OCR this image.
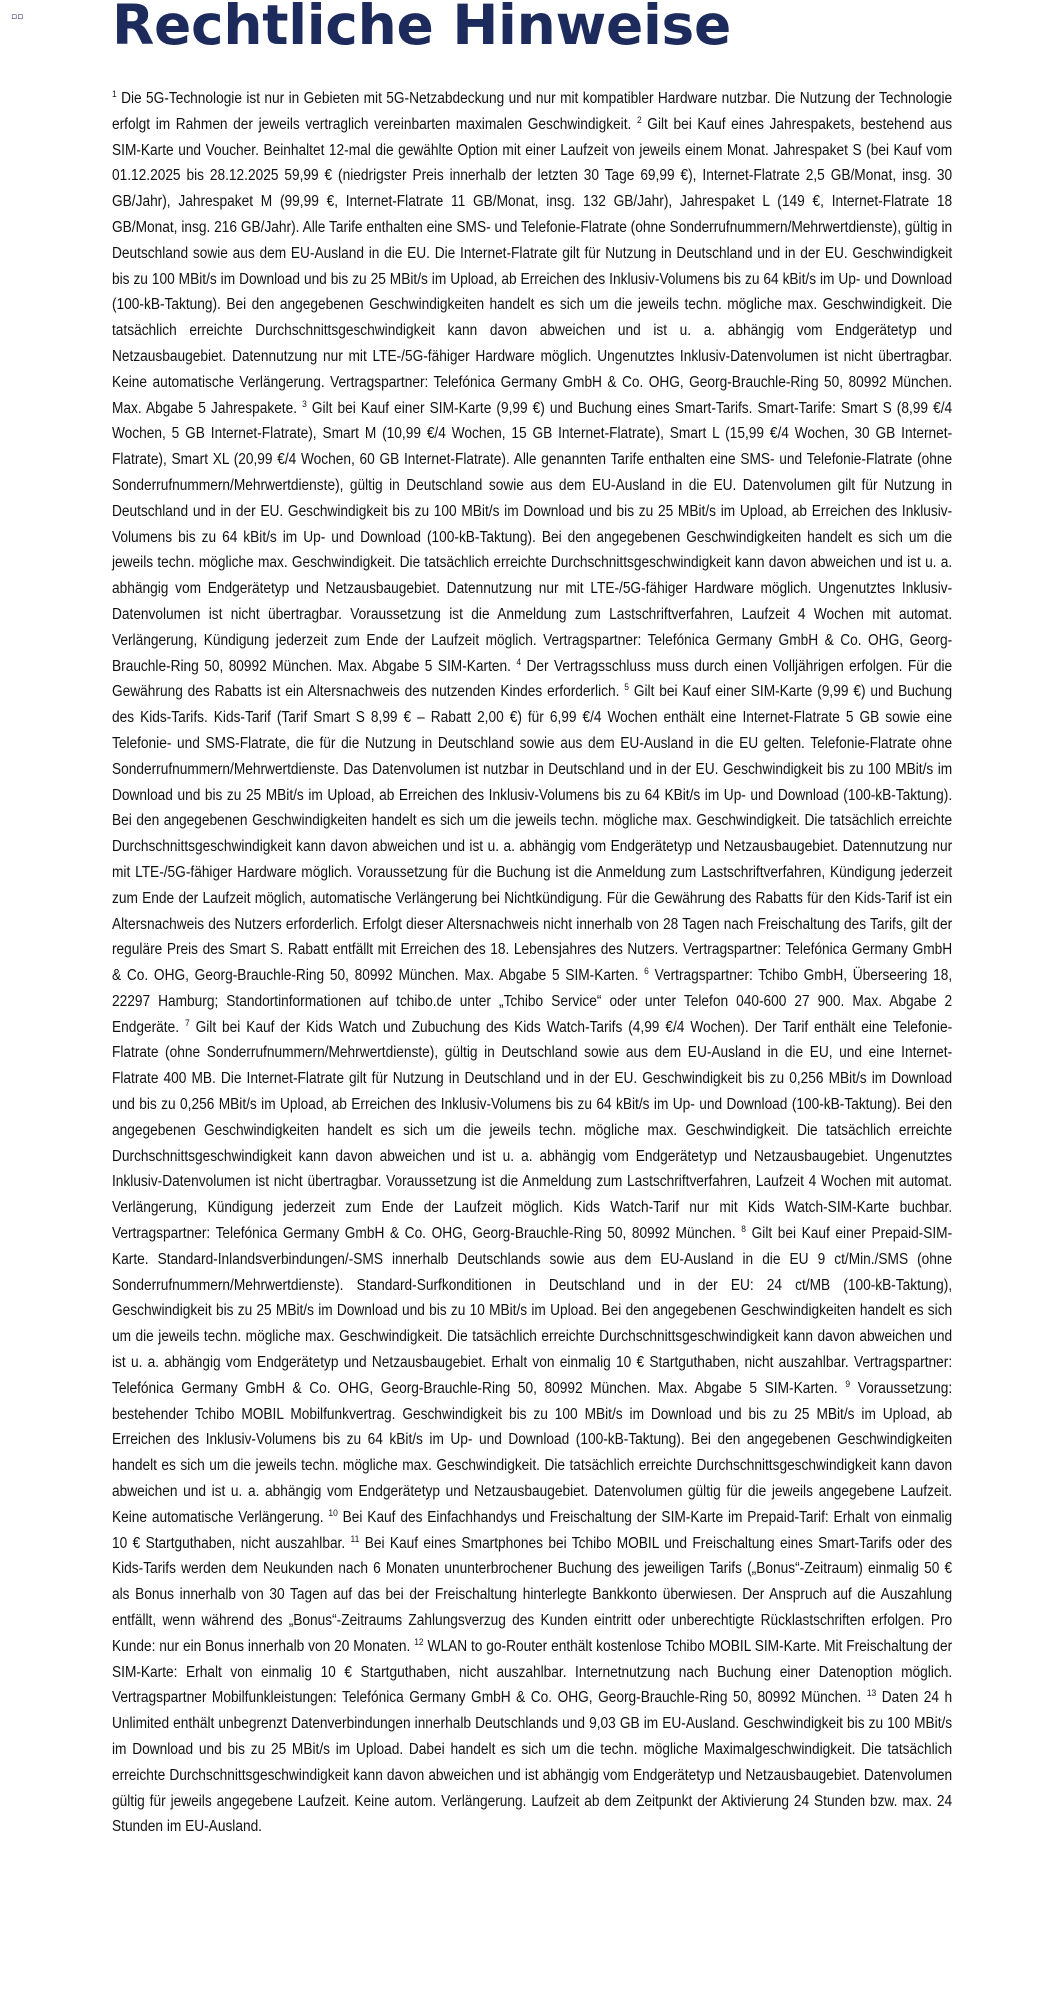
▫▫ Rechtliche Hinweise

$^1$ Die 5G-Technologie ist nur in Gebieten mit 5G-Netzabdeckung und nur mit kompatibler Hardware nutzbar. Die Nutzung der Technologie erfolgt im Rahmen der jeweils vertraglich vereinbarten maximalen Geschwindigkeit. $^2$ Gilt bei Kauf eines Jahrespakets, bestehend aus SIM-Karte und Voucher. Beinhaltet 12-mal die gewählte Option mit einer Laufzeit von jeweils einem Monat. Jahrespaket S (bei Kauf vom 01.12.2025 bis 28.12.2025 59,99 € (niedrigster Preis innerhalb der letzten 30 Tage 69,99 €), Internet-Flatrate 2,5 GB/Monat, insg. 30 GB/Jahr), Jahrespaket M (99,99 €, Internet-Flatrate 11 GB/Monat, insg. 132 GB/Jahr), Jahrespaket L (149 €, Internet-Flatrate 18 GB/Monat, insg. 216 GB/Jahr). Alle Tarife enthalten eine SMS- und Telefonie-Flatrate (ohne Sonderrufnummern/Mehrwertdienste), gültig in Deutschland sowie aus dem EU-Ausland in die EU. Die Internet-Flatrate gilt für Nutzung in Deutschland und in der EU. Geschwindigkeit bis zu 100 MBit/s im Download und bis zu 25 MBit/s im Upload, ab Erreichen des Inklusiv-Volumens bis zu 64 kBit/s im Up- und Download (100-kB-Taktung). Bei den angegebenen Geschwindigkeiten handelt es sich um die jeweils techn. mögliche max. Geschwindigkeit. Die tatsächlich erreichte Durchschnittsgeschwindigkeit kann davon abweichen und ist u. a. abhängig vom Endgerätetyp und Netzausbaugebiet. Datennutzung nur mit LTE-/5G-fähiger Hardware möglich. Ungenutztes Inklusiv-Datenvolumen ist nicht übertragbar. Keine automatische Verlängerung. Vertragspartner: Telefónica Germany GmbH & Co. OHG, Georg-Brauchle-Ring 50, 80992 München. Max. Abgabe 5 Jahrespakete. $^3$ Gilt bei Kauf einer SIM-Karte (9,99 €) und Buchung eines Smart-Tarifs. Smart-Tarife: Smart S (8,99 €/4 Wochen, 5 GB Internet-Flatrate), Smart M (10,99 €/4 Wochen, 15 GB Internet-Flatrate), Smart L (15,99 €/4 Wochen, 30 GB Internet-Flatrate), Smart XL (20,99 €/4 Wochen, 60 GB Internet-Flatrate). Alle genannten Tarife enthalten eine SMS- und Telefonie-Flatrate (ohne Sonderrufnummern/Mehrwertdienste), gültig in Deutschland sowie aus dem EU-Ausland in die EU. Datenvolumen gilt für Nutzung in Deutschland und in der EU. Geschwindigkeit bis zu 100 MBit/s im Download und bis zu 25 MBit/s im Upload, ab Erreichen des Inklusiv-Volumens bis zu 64 kBit/s im Up- und Download (100-kB-Taktung). Bei den angegebenen Geschwindigkeiten handelt es sich um die jeweils techn. mögliche max. Geschwindigkeit. Die tatsächlich erreichte Durchschnittsgeschwindigkeit kann davon abweichen und ist u. a. abhängig vom Endgerätetyp und Netzausbaugebiet. Datennutzung nur mit LTE-/5G-fähiger Hardware möglich. Ungenutztes Inklusiv-Datenvolumen ist nicht übertragbar. Voraussetzung ist die Anmeldung zum Lastschriftverfahren, Laufzeit 4 Wochen mit automat. Verlängerung, Kündigung jederzeit zum Ende der Laufzeit möglich. Vertragspartner: Telefónica Germany GmbH & Co. OHG, Georg-Brauchle-Ring 50, 80992 München. Max. Abgabe 5 SIM-Karten. $^4$ Der Vertragsschluss muss durch einen Volljährigen erfolgen. Für die Gewährung des Rabatts ist ein Altersnachweis des nutzenden Kindes erforderlich. $^5$ Gilt bei Kauf einer SIM-Karte (9,99 €) und Buchung des Kids-Tarifs. Kids-Tarif (Tarif Smart S 8,99 € – Rabatt 2,00 €) für 6,99 €/4 Wochen enthält eine Internet-Flatrate 5 GB sowie eine Telefonie- und SMS-Flatrate, die für die Nutzung in Deutschland sowie aus dem EU-Ausland in die EU gelten. Telefonie-Flatrate ohne Sonderrufnummern/Mehrwertdienste. Das Datenvolumen ist nutzbar in Deutschland und in der EU. Geschwindigkeit bis zu 100 MBit/s im Download und bis zu 25 MBit/s im Upload, ab Erreichen des Inklusiv-Volumens bis zu 64 KBit/s im Up- und Download (100-kB-Taktung). Bei den angegebenen Geschwindigkeiten handelt es sich um die jeweils techn. mögliche max. Geschwindigkeit. Die tatsächlich erreichte Durchschnittsgeschwindigkeit kann davon abweichen und ist u. a. abhängig vom Endgerätetyp und Netzausbaugebiet. Datennutzung nur mit LTE-/5G-fähiger Hardware möglich. Voraussetzung für die Buchung ist die Anmeldung zum Lastschriftverfahren, Kündigung jederzeit zum Ende der Laufzeit möglich, automatische Verlängerung bei Nichtkündigung. Für die Gewährung des Rabatts für den Kids-Tarif ist ein Altersnachweis des Nutzers erforderlich. Erfolgt dieser Altersnachweis nicht innerhalb von 28 Tagen nach Freischaltung des Tarifs, gilt der reguläre Preis des Smart S. Rabatt entfällt mit Erreichen des 18. Lebensjahres des Nutzers. Vertragspartner: Telefónica Germany GmbH & Co. OHG, Georg-Brauchle-Ring 50, 80992 München. Max. Abgabe 5 SIM-Karten. $^6$ Vertragspartner: Tchibo GmbH, Überseering 18, 22297 Hamburg; Standortinformationen auf tchibo.de unter „Tchibo Service“ oder unter Telefon 040-600 27 900. Max. Abgabe 2 Endgeräte. $^7$ Gilt bei Kauf der Kids Watch und Zubuchung des Kids Watch-Tarifs (4,99 €/4 Wochen). Der Tarif enthält eine Telefonie-Flatrate (ohne Sonderrufnummern/Mehrwertdienste), gültig in Deutschland sowie aus dem EU-Ausland in die EU, und eine Internet-Flatrate 400 MB. Die Internet-Flatrate gilt für Nutzung in Deutschland und in der EU. Geschwindigkeit bis zu 0,256 MBit/s im Download und bis zu 0,256 MBit/s im Upload, ab Erreichen des Inklusiv-Volumens bis zu 64 kBit/s im Up- und Download (100-kB-Taktung). Bei den angegebenen Geschwindigkeiten handelt es sich um die jeweils techn. mögliche max. Geschwindigkeit. Die tatsächlich erreichte Durchschnittsgeschwindigkeit kann davon abweichen und ist u. a. abhängig vom Endgerätetyp und Netzausbaugebiet. Ungenutztes Inklusiv-Datenvolumen ist nicht übertragbar. Voraussetzung ist die Anmeldung zum Lastschriftverfahren, Laufzeit 4 Wochen mit automat. Verlängerung, Kündigung jederzeit zum Ende der Laufzeit möglich. Kids Watch-Tarif nur mit Kids Watch-SIM-Karte buchbar. Vertragspartner: Telefónica Germany GmbH & Co. OHG, Georg-Brauchle-Ring 50, 80992 München. $^8$ Gilt bei Kauf einer Prepaid-SIM-Karte. Standard-Inlandsverbindungen/-SMS innerhalb Deutschlands sowie aus dem EU-Ausland in die EU 9 ct/Min./SMS (ohne Sonderrufnummern/Mehrwertdienste). Standard-Surfkonditionen in Deutschland und in der EU: 24 ct/MB (100-kB-Taktung), Geschwindigkeit bis zu 25 MBit/s im Download und bis zu 10 MBit/s im Upload. Bei den angegebenen Geschwindigkeiten handelt es sich um die jeweils techn. mögliche max. Geschwindigkeit. Die tatsächlich erreichte Durchschnittsgeschwindigkeit kann davon abweichen und ist u. a. abhängig vom Endgerätetyp und Netzausbaugebiet. Erhalt von einmalig 10 € Startguthaben, nicht auszahlbar. Vertragspartner: Telefónica Germany GmbH & Co. OHG, Georg-Brauchle-Ring 50, 80992 München. Max. Abgabe 5 SIM-Karten. $^9$ Voraussetzung: bestehender Tchibo MOBIL Mobilfunkvertrag. Geschwindigkeit bis zu 100 MBit/s im Download und bis zu 25 MBit/s im Upload, ab Erreichen des Inklusiv-Volumens bis zu 64 kBit/s im Up- und Download (100-kB-Taktung). Bei den angegebenen Geschwindigkeiten handelt es sich um die jeweils techn. mögliche max. Geschwindigkeit. Die tatsächlich erreichte Durchschnittsgeschwindigkeit kann davon abweichen und ist u. a. abhängig vom Endgerätetyp und Netzausbaugebiet. Datenvolumen gültig für die jeweils angegebene Laufzeit. Keine automatische Verlängerung. $^{10}$ Bei Kauf des Einfachhandys und Freischaltung der SIM-Karte im Prepaid-Tarif: Erhalt von einmalig 10 € Startguthaben, nicht auszahlbar. $^{11}$ Bei Kauf eines Smartphones bei Tchibo MOBIL und Freischaltung eines Smart-Tarifs oder des Kids-Tarifs werden dem Neukunden nach 6 Monaten ununterbrochener Buchung des jeweiligen Tarifs („Bonus“-Zeitraum) einmalig 50 € als Bonus innerhalb von 30 Tagen auf das bei der Freischaltung hinterlegte Bankkonto überwiesen. Der Anspruch auf die Auszahlung entfällt, wenn während des „Bonus“-Zeitraums Zahlungsverzug des Kunden eintritt oder unberechtigte Rücklastschriften erfolgen. Pro Kunde: nur ein Bonus innerhalb von 20 Monaten. $^{12}$ WLAN to go-Router enthält kostenlose Tchibo MOBIL SIM-Karte. Mit Freischaltung der SIM-Karte: Erhalt von einmalig 10 € Startguthaben, nicht auszahlbar. Internetnutzung nach Buchung einer Datenoption möglich. Vertragspartner Mobilfunkleistungen: Telefónica Germany GmbH & Co. OHG, Georg-Brauchle-Ring 50, 80992 München. $^{13}$ Daten 24 h Unlimited enthält unbegrenzt Datenverbindungen innerhalb Deutschlands und 9,03 GB im EU-Ausland. Geschwindigkeit bis zu 100 MBit/s im Download und bis zu 25 MBit/s im Upload. Dabei handelt es sich um die techn. mögliche Maximalgeschwindigkeit. Die tatsächlich erreichte Durchschnittsgeschwindigkeit kann davon abweichen und ist abhängig vom Endgerätetyp und Netzausbaugebiet. Datenvolumen gültig für jeweils angegebene Laufzeit. Keine autom. Verlängerung. Laufzeit ab dem Zeitpunkt der Aktivierung 24 Stunden bzw. max. 24 Stunden im EU-Ausland.
